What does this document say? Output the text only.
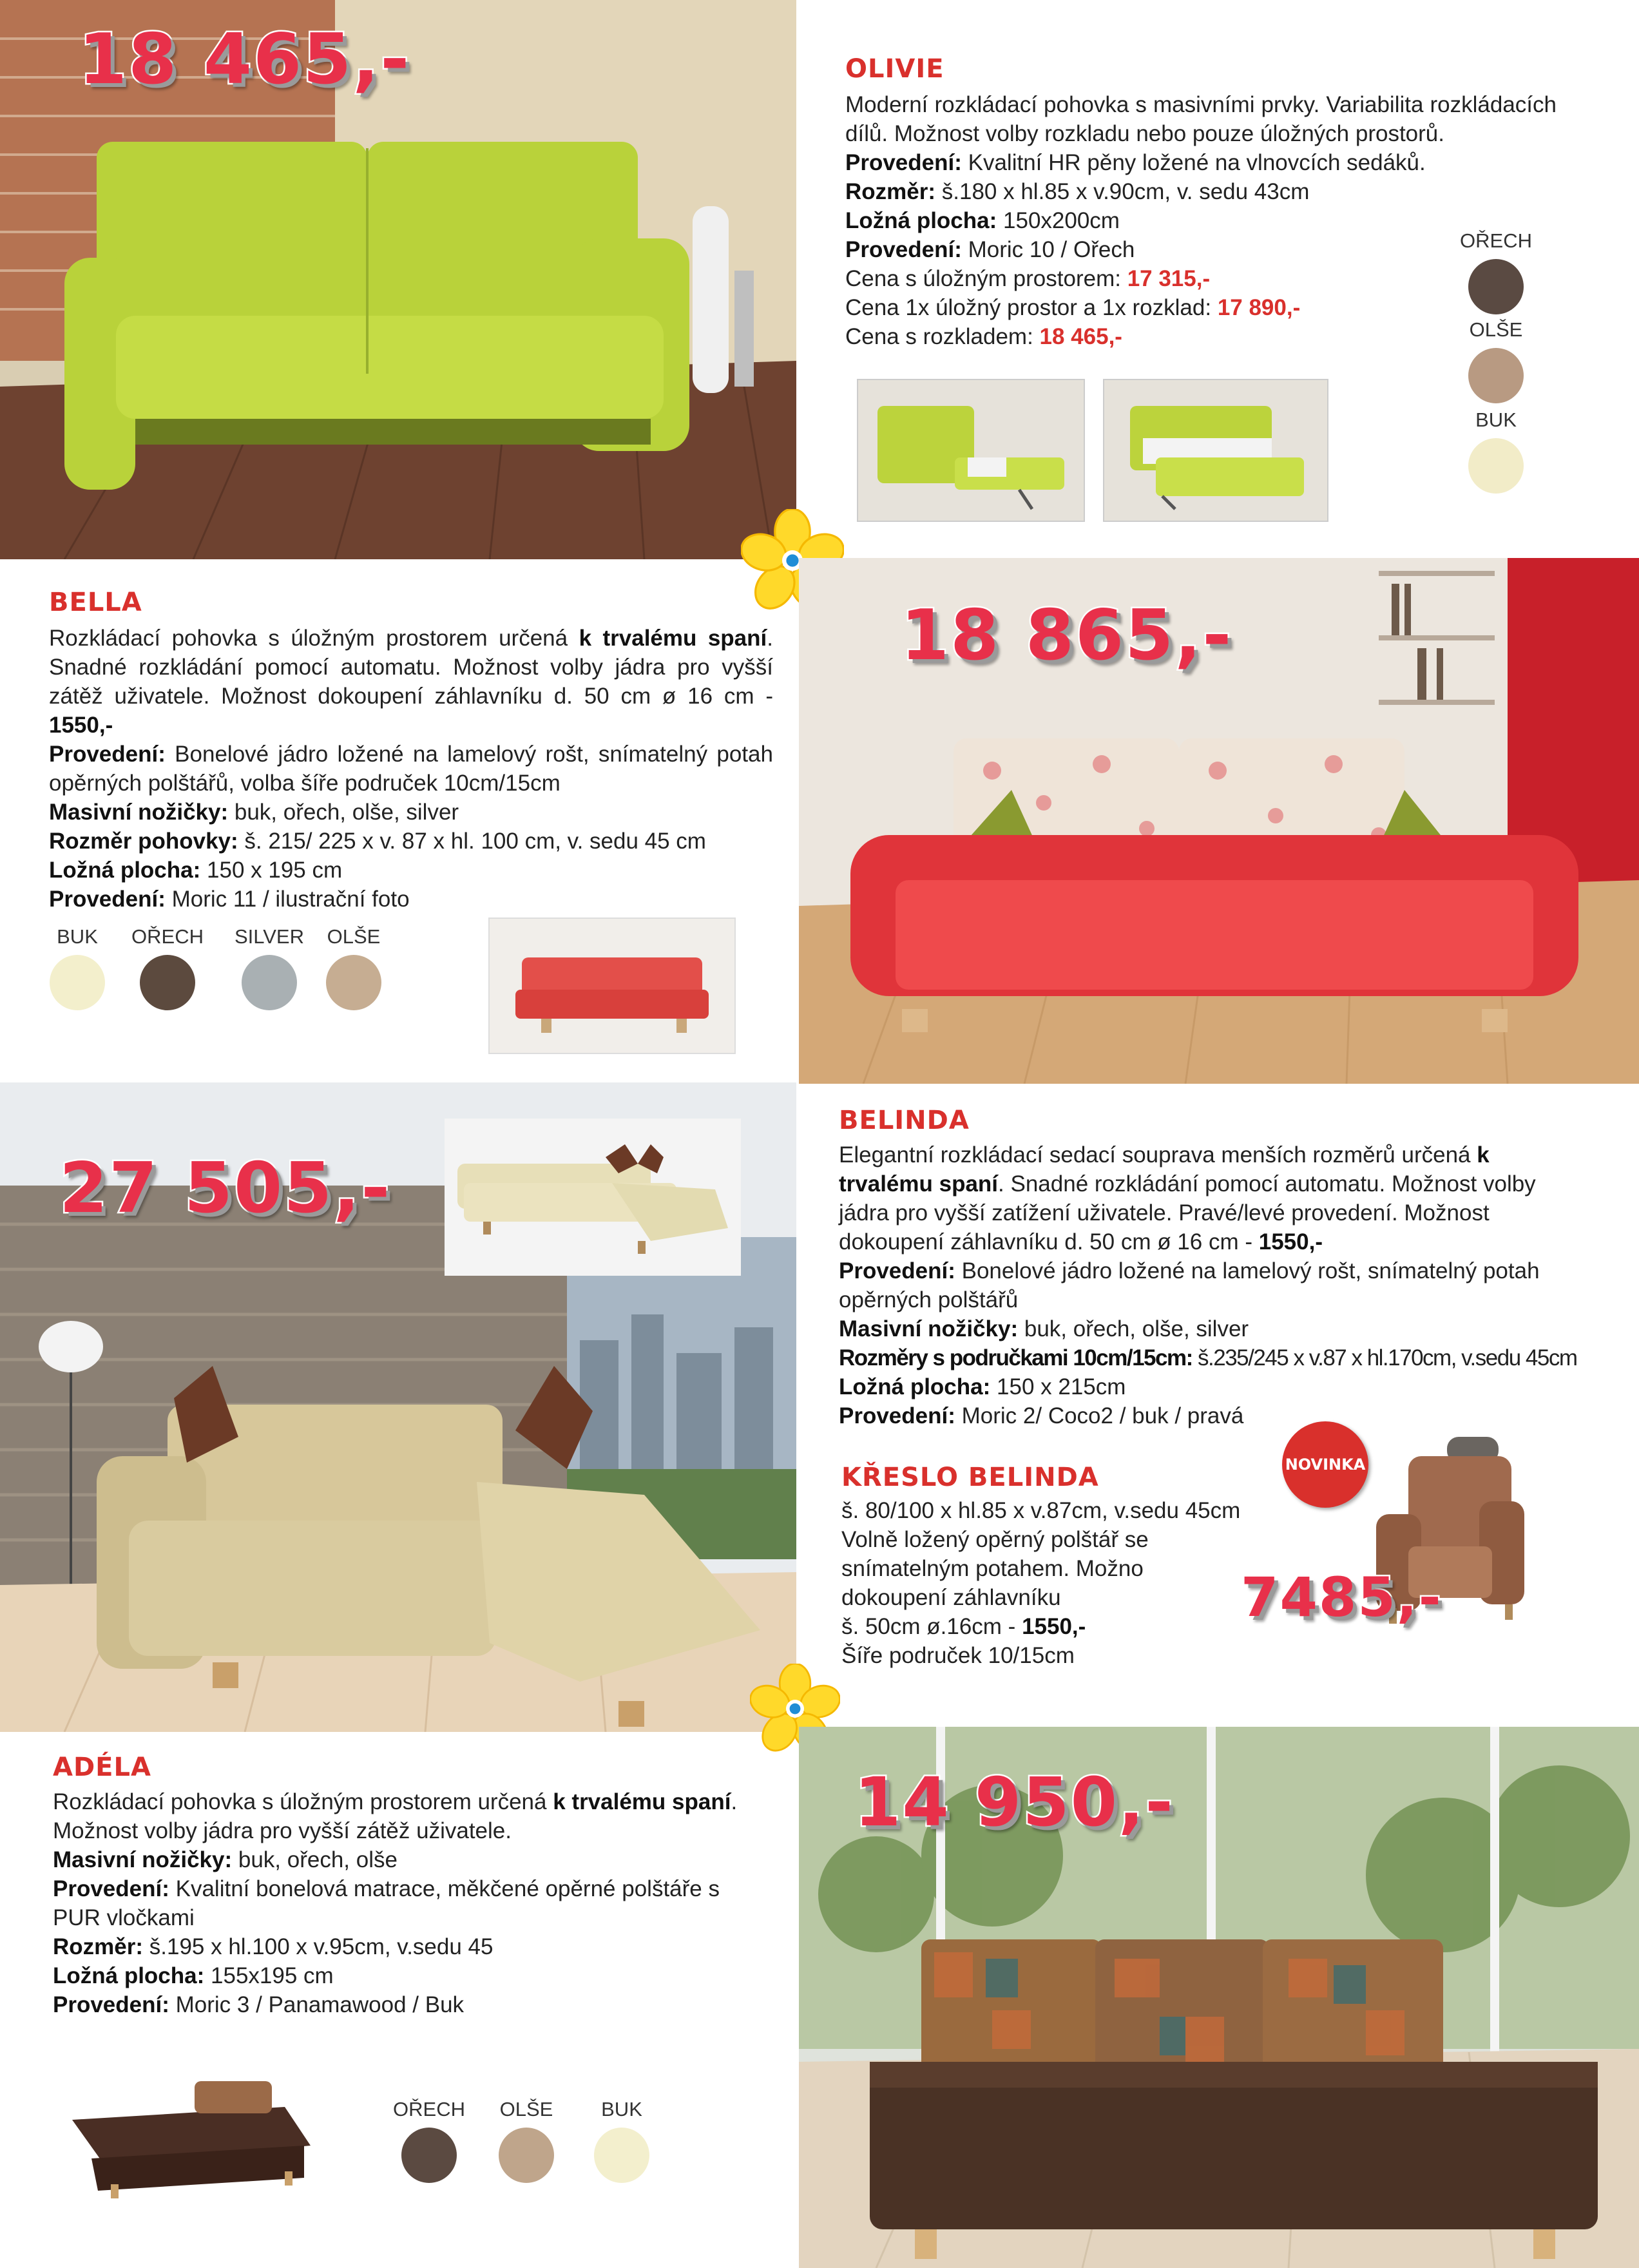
18 465,-	OLIVIE

Moderní rozkládací pohovka s masivními prvky. Variabilita rozkládacích dílů. Možnost volby rozkladu nebo pouze úložných prostorů.

Provedení: Kvalitní HR pěny ložené na vlnovcích sedáků.

Rozměr: š.180 x hl.85 x v.90cm, v. sedu 43cm

Ložná plocha: 150x200cm

Provedení: Moric 10 / Ořech

Cena s úložným prostorem: 17 315,-

Cena 1x úložný prostor a 1x rozklad: 17 890,-

Cena s rozkladem: 18 465,-

OŘECH
OLŠE
BUK
BELLA

Rozkládací pohovka s úložným prostorem určená k trvalému spaní. Snadné rozkládání pomocí automatu. Možnost volby jádra pro vyšší zátěž uživatele. Možnost dokoupení záhlavníku d. 50 cm ø 16 cm - 1550,-

Provedení: Bonelové jádro ložené na lamelový rošt, snímatelný potah opěrných polštářů, volba šíře područek 10cm/15cm

Masivní nožičky: buk, ořech, olše, silver

Rozměr pohovky: š. 215/ 225 x v. 87 x hl. 100 cm, v. sedu 45 cm

Ložná plocha: 150 x 195 cm

Provedení: Moric 11 / ilustrační foto

BUK	OŘECH SILVER	OLŠE
18 865,-
27 505,-
BELINDA

Elegantní rozkládací sedací souprava menších rozměrů určená k trvalému spaní. Snadné rozkládání pomocí automatu. Možnost volby jádra pro vyšší zatížení uživatele. Pravé/levé provedení. Možnost dokoupení záhlavníku d. 50 cm ø 16 cm - 1550,-

Provedení: Bonelové jádro ložené na lamelový rošt, snímatelný potah opěrných polštářů

Masivní nožičky: buk, ořech, olše, silver

Rozměry s područkami 10cm/15cm: š.235/245 x v.87 x hl.170cm, v.sedu 45cm

Ložná plocha: 150 x 215cm

Provedení: Moric 2/ Coco2 / buk / pravá

KŘESLO BELINDA

š. 80/100 x hl.85 x v.87cm, v.sedu 45cm

Volně ložený opěrný polštář se snímatelným potahem. Možno dokoupení záhlavníku

š. 50cm ø.16cm - 1550,-

Šíře područek 10/15cm

NOVINKA
7485,-
ADÉLA

Rozkládací pohovka s úložným prostorem určená k trvalému spaní. Možnost volby jádra pro vyšší zátěž uživatele.

Masivní nožičky: buk, ořech, olše

Provedení: Kvalitní bonelová matrace, měkčené opěrné polštáře s PUR vločkami

Rozměr: š.195 x hl.100 x v.95cm, v.sedu 45

Ložná plocha: 155x195 cm

Provedení: Moric 3 / Panamawood / Buk

OŘECH	OLŠE	BUK
14 950,-
